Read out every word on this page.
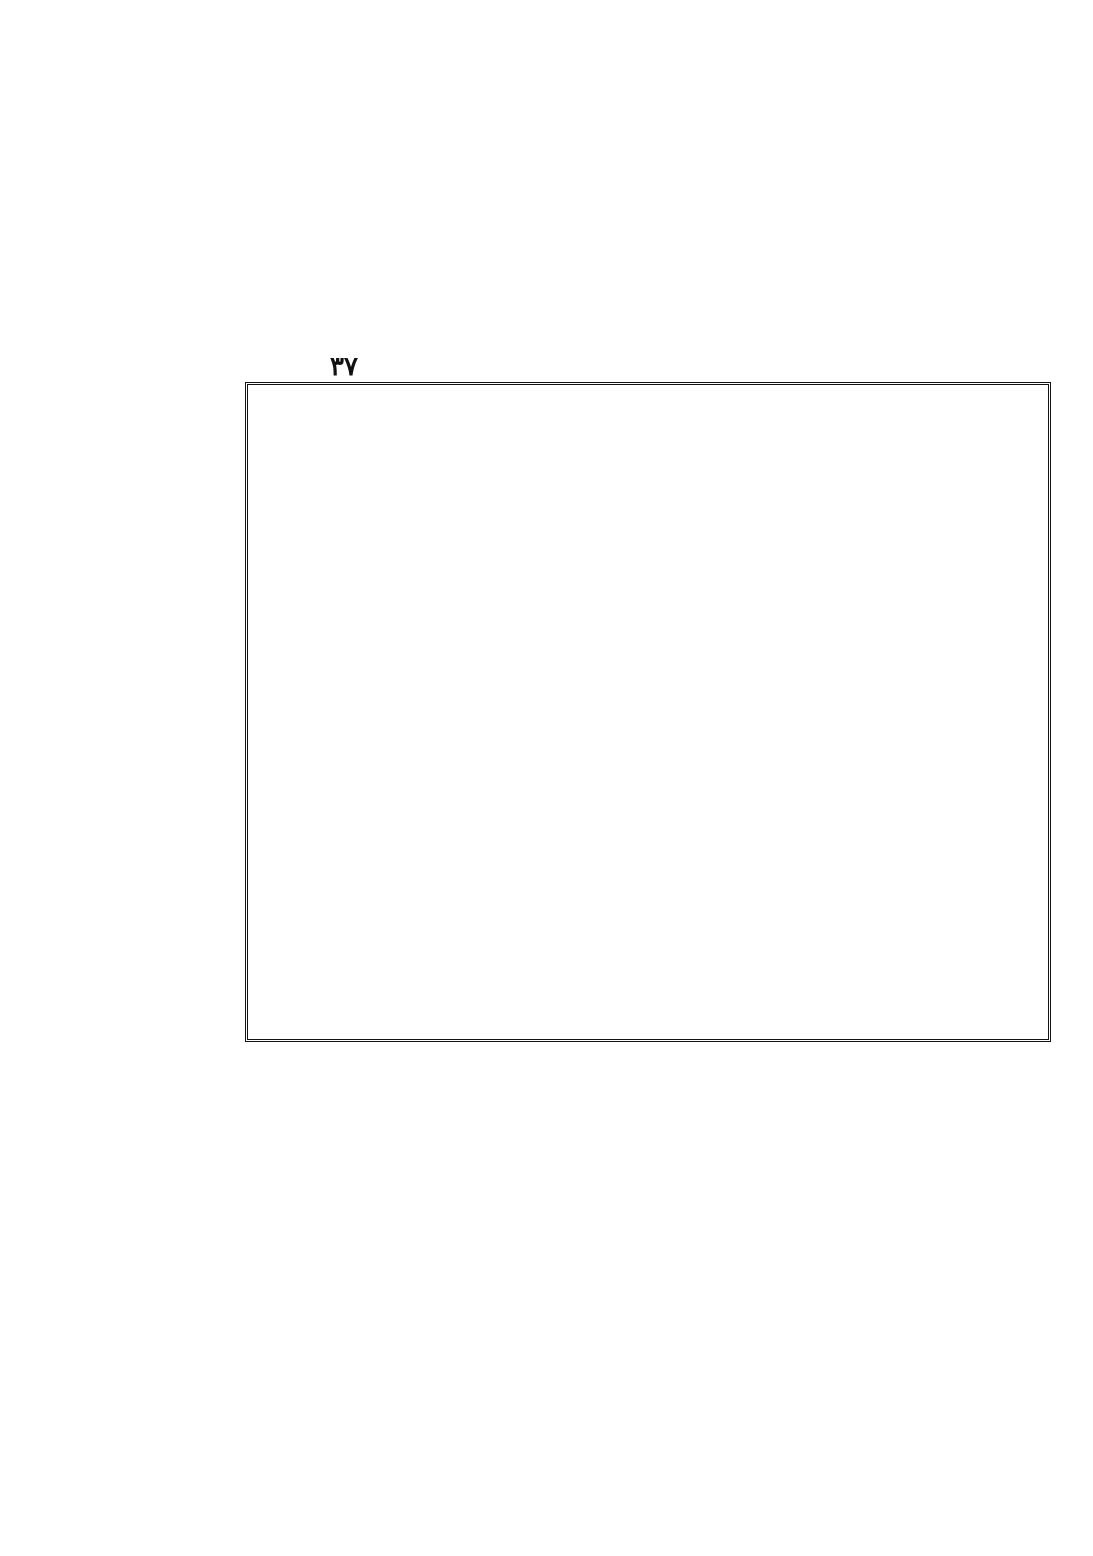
٣٧
